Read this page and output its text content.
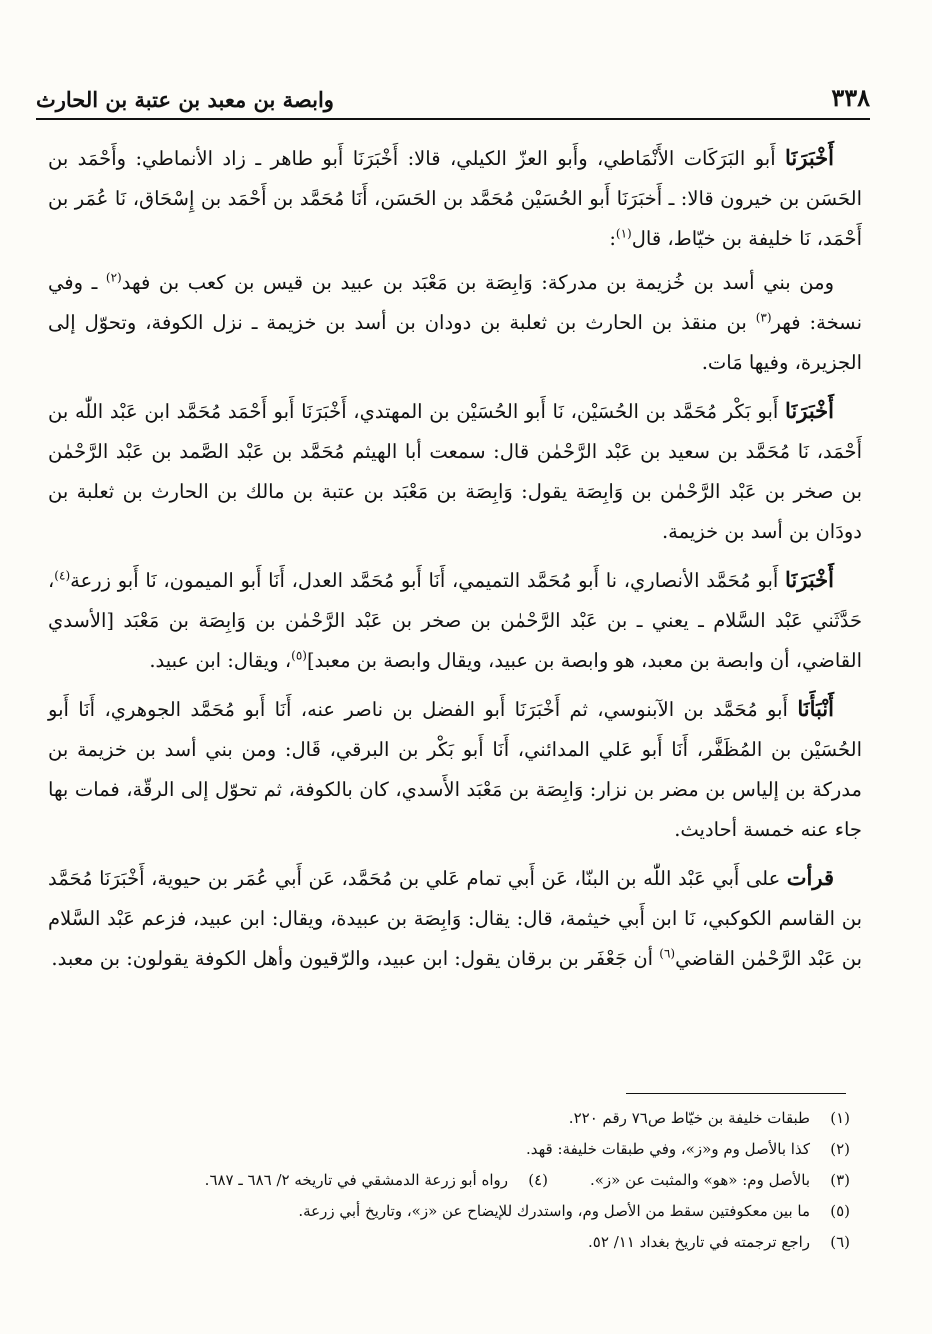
٣٣٨
وابصة بن معبد بن عتبة بن الحارث

أَخْبَرَنَا أَبو البَرَكَات الأَنْمَاطي، وأَبو العزّ الكيلي، قالا: أَخْبَرَنَا أَبو طاهر ـ زاد الأنماطي: وأَحْمَد بن الحَسَن بن خيرون قالا: ـ أَخبَرَنَا أَبو الحُسَيْن مُحَمَّد بن الحَسَن، أَنَا مُحَمَّد بن أَحْمَد بن إِسْحَاق، نَا عُمَر بن أَحْمَد، نَا خليفة بن خيّاط، قال$^{(١)}$:

ومن بني أسد بن خُزيمة بن مدركة: وَابِصَة بن مَعْبَد بن عبيد بن قيس بن كعب بن فهد$^{(٢)}$ ـ وفي نسخة: فهر$^{(٣)}$ بن منقذ بن الحارث بن ثعلبة بن دودان بن أسد بن خزيمة ـ نزل الكوفة، وتحوّل إلى الجزيرة، وفيها مَات.

أَخْبَرَنَا أَبو بَكْر مُحَمَّد بن الحُسَيْن، نَا أَبو الحُسَيْن بن المهتدي، أَخْبَرَنَا أَبو أَحْمَد مُحَمَّد ابن عَبْد اللّٰه بن أَحْمَد، نَا مُحَمَّد بن سعيد بن عَبْد الرَّحْمٰن قال: سمعت أبا الهيثم مُحَمَّد بن عَبْد الصَّمد بن عَبْد الرَّحْمٰن بن صخر بن عَبْد الرَّحْمٰن بن وَابِصَة يقول: وَابِصَة بن مَعْبَد بن عتبة بن مالك بن الحارث بن ثعلبة بن دودَان بن أسد بن خزيمة.

أَخْبَرَنَا أَبو مُحَمَّد الأنصاري، نا أَبو مُحَمَّد التميمي، أَنَا أَبو مُحَمَّد العدل، أَنَا أَبو الميمون، نَا أَبو زرعة$^{(٤)}$، حَدَّثَني عَبْد السَّلام ـ يعني ـ بن عَبْد الرَّحْمٰن بن صخر بن عَبْد الرَّحْمٰن بن وَابِصَة بن مَعْبَد [الأسدي القاضي، أن وابصة بن معبد، هو وابصة بن عبيد، ويقال وابصة بن معبد]$^{(٥)}$، ويقال: ابن عبيد.

أَنْبَأَنَا أَبو مُحَمَّد بن الآبنوسي، ثم أَخْبَرَنَا أَبو الفضل بن ناصر عنه، أَنَا أَبو مُحَمَّد الجوهري، أَنَا أَبو الحُسَيْن بن المُظَفَّر، أَنَا أَبو عَلي المدائني، أَنَا أَبو بَكْر بن البرقي، قَال: ومن بني أسد بن خزيمة بن مدركة بن إلياس بن مضر بن نزار: وَابِصَة بن مَعْبَد الأَسدي، كان بالكوفة، ثم تحوّل إلى الرقّة، فمات بها جاء عنه خمسة أحاديث.

قرأت على أَبي عَبْد اللّٰه بن البنّا، عَن أَبي تمام عَلي بن مُحَمَّد، عَن أَبي عُمَر بن حيوية، أَخْبَرَنَا مُحَمَّد بن القاسم الكوكبي، نَا ابن أَبي خيثمة، قال: يقال: وَابِصَة بن عبيدة، ويقال: ابن عبيد، فزعم عَبْد السَّلام بن عَبْد الرَّحْمٰن القاضي$^{(٦)}$ أن جَعْفَر بن برقان يقول: ابن عبيد، والرّقيون وأهل الكوفة يقولون: بن معبد.

(١)
طبقات خليفة بن خيّاط ص٧٦ رقم ٢٢٠.
(٢)
كذا بالأصل وم و«ز»، وفي طبقات خليفة: قهد.
(٣)
بالأصل وم: «هو» والمثبت عن «ز».
(٤)
رواه أبو زرعة الدمشقي في تاريخه ٢/ ٦٨٦ ـ ٦٨٧.
(٥)
ما بين معكوفتين سقط من الأصل وم، واستدرك للإيضاح عن «ز»، وتاريخ أبي زرعة.
(٦)
راجع ترجمته في تاريخ بغداد ١١/ ٥٢.
